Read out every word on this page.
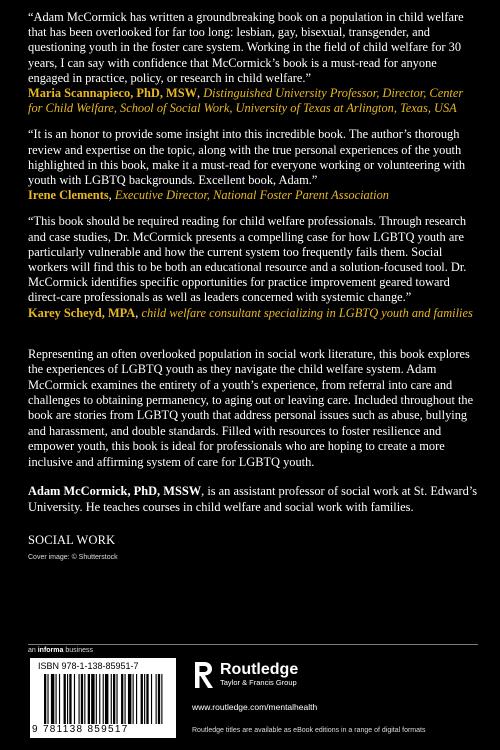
“Adam McCormick has written a groundbreaking book on a population in child welfare that has been overlooked for far too long: lesbian, gay, bisexual, transgender, and questioning youth in the foster care system. Working in the field of child welfare for 30 years, I can say with confidence that McCormick’s book is a must-read for anyone engaged in practice, policy, or research in child welfare.”

Maria Scannapieco, PhD, MSW, Distinguished University Professor, Director, Center for Child Welfare, School of Social Work, University of Texas at Arlington, Texas, USA

“It is an honor to provide some insight into this incredible book. The author’s thorough review and expertise on the topic, along with the true personal experiences of the youth highlighted in this book, make it a must-read for everyone working or volunteering with youth with LGBTQ backgrounds. Excellent book, Adam.”

Irene Clements, Executive Director, National Foster Parent Association

“This book should be required reading for child welfare professionals. Through research and case studies, Dr. McCormick presents a compelling case for how LGBTQ youth are particularly vulnerable and how the current system too frequently fails them. Social workers will find this to be both an educational resource and a solution-focused tool. Dr. McCormick identifies specific opportunities for practice improvement geared toward direct-care professionals as well as leaders concerned with systemic change.”

Karey Scheyd, MPA, child welfare consultant specializing in LGBTQ youth and families

Representing an often overlooked population in social work literature, this book explores the experiences of LGBTQ youth as they navigate the child welfare system. Adam McCormick examines the entirety of a youth’s experience, from referral into care and challenges to obtaining permanency, to aging out or leaving care. Included throughout the book are stories from LGBTQ youth that address personal issues such as abuse, bullying and harassment, and double standards. Filled with resources to foster resilience and empower youth, this book is ideal for professionals who are hoping to create a more inclusive and affirming system of care for LGBTQ youth.

Adam McCormick, PhD, MSSW, is an assistant professor of social work at St. Edward’s University. He teaches courses in child welfare and social work with families.

SOCIAL WORK
Cover image: © Shutterstock
an informa business
ISBN 978-1-138-85951-7
9 781138 859517
Routledge
Taylor & Francis Group
www.routledge.com/mentalhealth
Routledge titles are available as eBook editions in a range of digital formats
